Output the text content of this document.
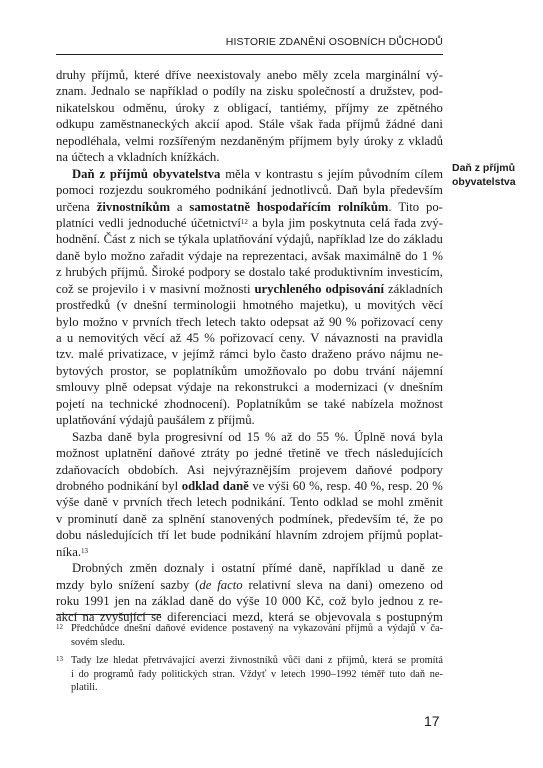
HISTORIE ZDANĚNÍ OSOBNÍCH DŮCHODŮ
Daň z příjmů
obyvatelstva
druhy příjmů, které dříve neexistovaly anebo měly zcela marginální vý-
znam. Jednalo se například o podíly na zisku společností a družstev, pod-
nikatelskou odměnu, úroky z obligací, tantiémy, příjmy ze zpětného
odkupu zaměstnaneckých akcií apod. Stále však řada příjmů žádné dani
nepodléhala, velmi rozšířeným nezdaněným příjmem byly úroky z vkladů
na účtech a vkladních knížkách.
Daň z příjmů obyvatelstva měla v kontrastu s jejím původním cílem
pomoci rozjezdu soukromého podnikání jednotlivců. Daň byla především
určena živnostníkům a samostatně hospodařícím rolníkům. Tito po-
platníci vedli jednoduché účetnictví$^{12}$ a byla jim poskytnuta celá řada zvý-
hodnění. Část z nich se týkala uplatňování výdajů, například lze do základu
daně bylo možno zařadit výdaje na reprezentaci, avšak maximálně do 1 %
z hrubých příjmů. Široké podpory se dostalo také produktivním investicím,
což se projevilo i v masivní možnosti urychleného odpisování základních
prostředků (v dnešní terminologii hmotného majetku), u movitých věcí
bylo možno v prvních třech letech takto odepsat až 90 % pořizovací ceny
a u nemovitých věcí až 45 % pořizovací ceny. V návaznosti na pravidla
tzv. malé privatizace, v jejímž rámci bylo často draženo právo nájmu ne-
bytových prostor, se poplatníkům umožňovalo po dobu trvání nájemní
smlouvy plně odepsat výdaje na rekonstrukci a modernizaci (v dnešním
pojetí na technické zhodnocení). Poplatníkům se také nabízela možnost
uplatňování výdajů paušálem z příjmů.
Sazba daně byla progresivní od 15 % až do 55 %. Úplně nová byla
možnost uplatnění daňové ztráty po jedné třetině ve třech následujících
zdaňovacích obdobích. Asi nejvýraznějším projevem daňové podpory
drobného podnikání byl odklad daně ve výši 60 %, resp. 40 %, resp. 20 %
výše daně v prvních třech letech podnikání. Tento odklad se mohl změnit
v prominutí daně za splnění stanovených podmínek, především té, že po
dobu následujících tří let bude podnikání hlavním zdrojem příjmů poplat-
níka.$^{13}$
Drobných změn doznaly i ostatní přímé daně, například u daně ze
mzdy bylo snížení sazby (de facto relativní sleva na dani) omezeno od
roku 1991 jen na základ daně do výše 10 000 Kč, což bylo jednou z re-
akcí na zvyšující se diferenciaci mezd, která se objevovala s postupným
12 Předchůdce dnešní daňové evidence postavený na vykazování příjmů a výdajů v ča-
sovém sledu.
13 Tady lze hledat přetrvávající averzi živnostníků vůči dani z příjmů, která se promítá
i do programů řady politických stran. Vždyť v letech 1990–1992 téměř tuto daň ne-
platili.
17
